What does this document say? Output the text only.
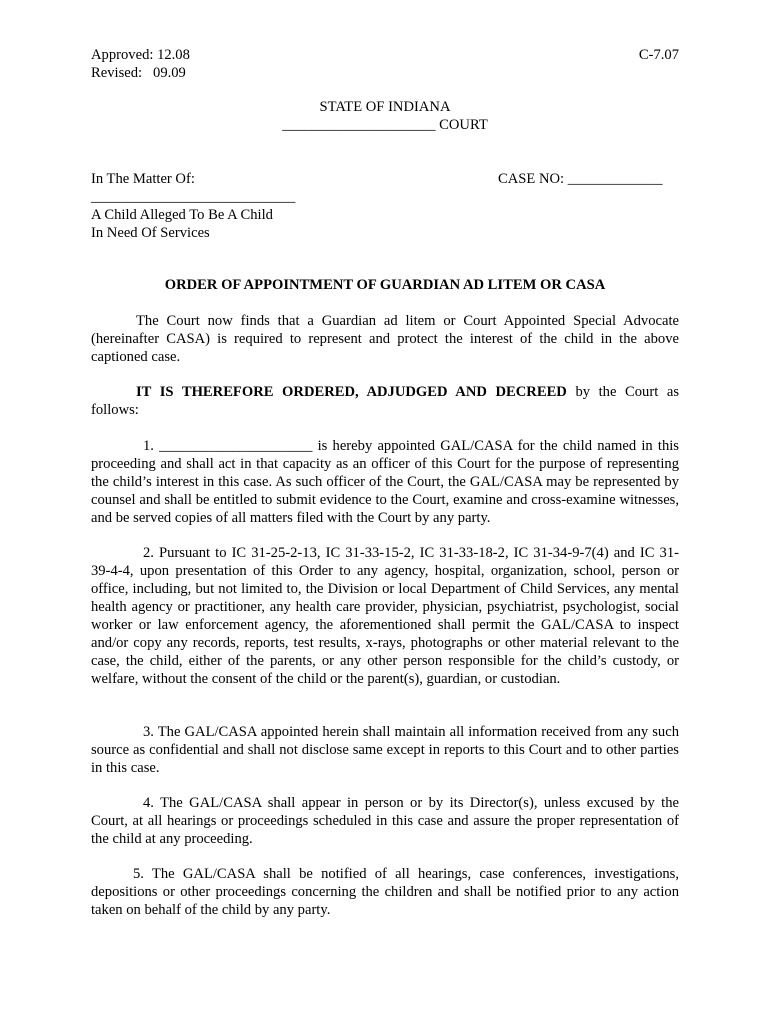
Approved: 12.08
Revised:   09.09
C-7.07
STATE OF INDIANA
_____________________ COURT
In The Matter Of:	CASE NO: _____________
____________________________
A Child Alleged To Be A Child
In Need Of Services
ORDER OF APPOINTMENT OF GUARDIAN AD LITEM OR CASA

The Court now finds that a Guardian ad litem or Court Appointed Special Advocate (hereinafter CASA) is required to represent and protect the interest of the child in the above captioned case.

IT IS THEREFORE ORDERED, ADJUDGED AND DECREED by the Court as follows:

1. _____________________ is hereby appointed GAL/CASA for the child named in this proceeding and shall act in that capacity as an officer of this Court for the purpose of representing the child’s interest in this case. As such officer of the Court, the GAL/CASA may be represented by counsel and shall be entitled to submit evidence to the Court, examine and cross-examine witnesses, and be served copies of all matters filed with the Court by any party.

2. Pursuant to IC 31-25-2-13, IC 31-33-15-2, IC 31-33-18-2, IC 31-34-9-7(4) and IC 31-39-4-4, upon presentation of this Order to any agency, hospital, organization, school, person or office, including, but not limited to, the Division or local Department of Child Services, any mental health agency or practitioner, any health care provider, physician, psychiatrist, psychologist, social worker or law enforcement agency, the aforementioned shall permit the GAL/CASA to inspect and/or copy any records, reports, test results, x-rays, photographs or other material relevant to the case, the child, either of the parents, or any other person responsible for the child’s custody, or welfare, without the consent of the child or the parent(s), guardian, or custodian.

3. The GAL/CASA appointed herein shall maintain all information received from any such source as confidential and shall not disclose same except in reports to this Court and to other parties in this case.

4. The GAL/CASA shall appear in person or by its Director(s), unless excused by the Court, at all hearings or proceedings scheduled in this case and assure the proper representation of the child at any proceeding.

5. The GAL/CASA shall be notified of all hearings, case conferences, investigations, depositions or other proceedings concerning the children and shall be notified prior to any action taken on behalf of the child by any party.
